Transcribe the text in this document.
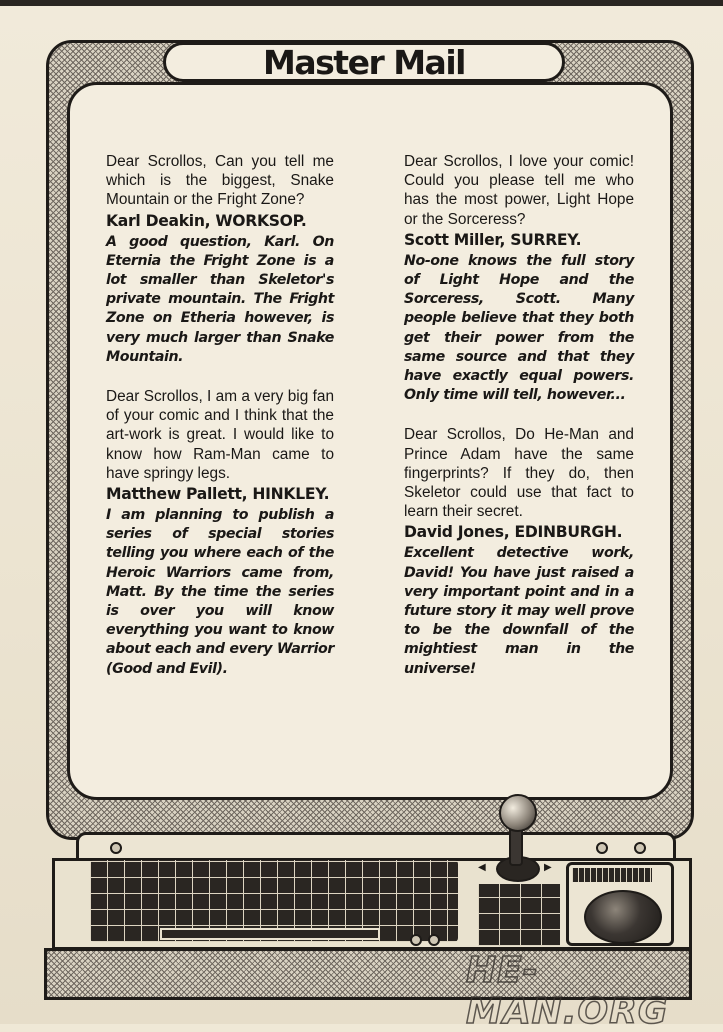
Master Mail

Dear Scrollos, Can you tell me which is the biggest, Snake Mountain or the Fright Zone?

Karl Deakin, WORKSOP.

A good question, Karl. On Eternia the Fright Zone is a lot smaller than Skeletor's private mountain. The Fright Zone on Etheria however, is very much larger than Snake Mountain.

Dear Scrollos, I am a very big fan of your comic and I think that the art-work is great. I would like to know how Ram-Man came to have springy legs.

Matthew Pallett, HINKLEY.

I am planning to publish a series of special stories telling you where each of the Heroic Warriors came from, Matt. By the time the series is over you will know everything you want to know about each and every Warrior (Good and Evil).

Dear Scrollos, I love your comic! Could you please tell me who has the most power, Light Hope or the Sorceress?

Scott Miller, SURREY.

No-one knows the full story of Light Hope and the Sorceress, Scott. Many people believe that they both get their power from the same source and that they have exactly equal powers. Only time will tell, however...

Dear Scrollos, Do He-Man and Prince Adam have the same fingerprints? If they do, then Skeletor could use that fact to learn their secret.

David Jones, EDINBURGH.

Excellent detective work, David! You have just raised a very important point and in a future story it may well prove to be the downfall of the mightiest man in the universe!

◀	▶
HE-MAN.ORG
